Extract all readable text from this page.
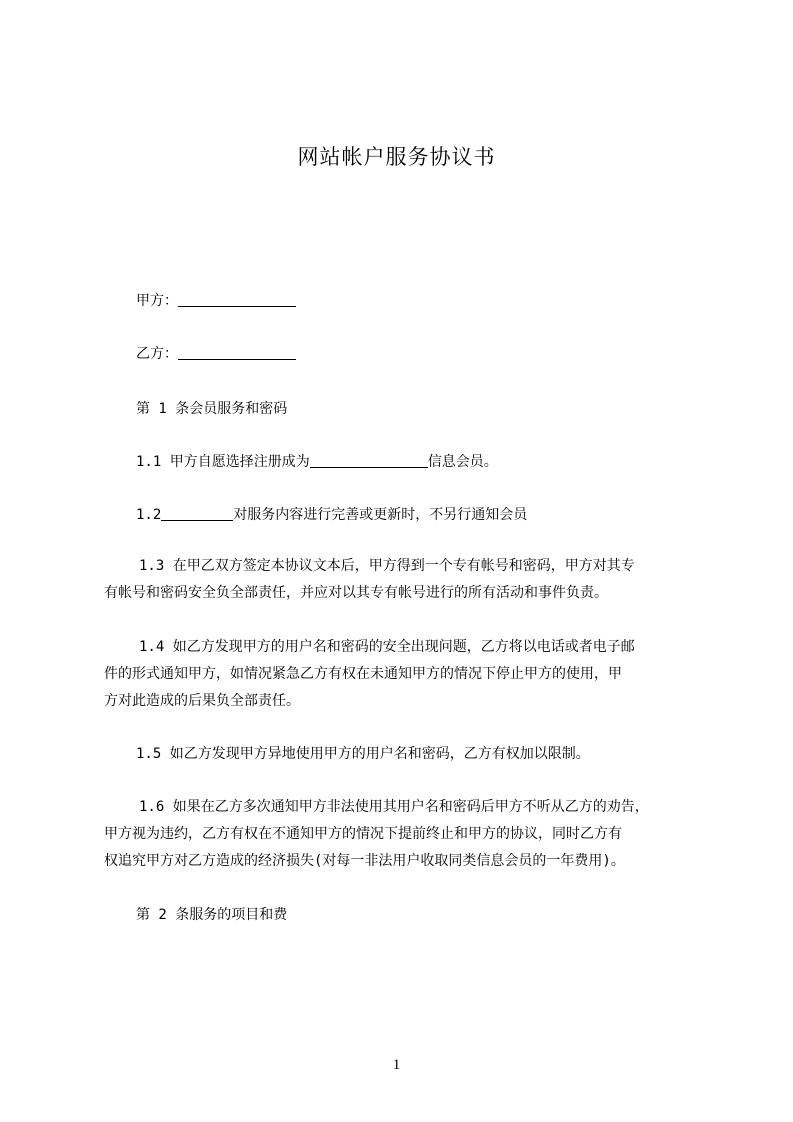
网站帐户服务协议书
甲方：
乙方：
第 1 条会员服务和密码
1.1 甲方自愿选择注册成为	信息会员。
1.2	对服务内容进行完善或更新时，不另行通知会员
1.3 在甲乙双方签定本协议文本后，甲方得到一个专有帐号和密码，甲方对其专
有帐号和密码安全负全部责任，并应对以其专有帐号进行的所有活动和事件负责。
1.4 如乙方发现甲方的用户名和密码的安全出现问题，乙方将以电话或者电子邮
件的形式通知甲方，如情况紧急乙方有权在未通知甲方的情况下停止甲方的使用，甲
方对此造成的后果负全部责任。
1.5 如乙方发现甲方异地使用甲方的用户名和密码，乙方有权加以限制。
1.6 如果在乙方多次通知甲方非法使用其用户名和密码后甲方不听从乙方的劝告，
甲方视为违约，乙方有权在不通知甲方的情况下提前终止和甲方的协议，同时乙方有
权追究甲方对乙方造成的经济损失(对每一非法用户收取同类信息会员的一年费用)。
第 2 条服务的项目和费
1
